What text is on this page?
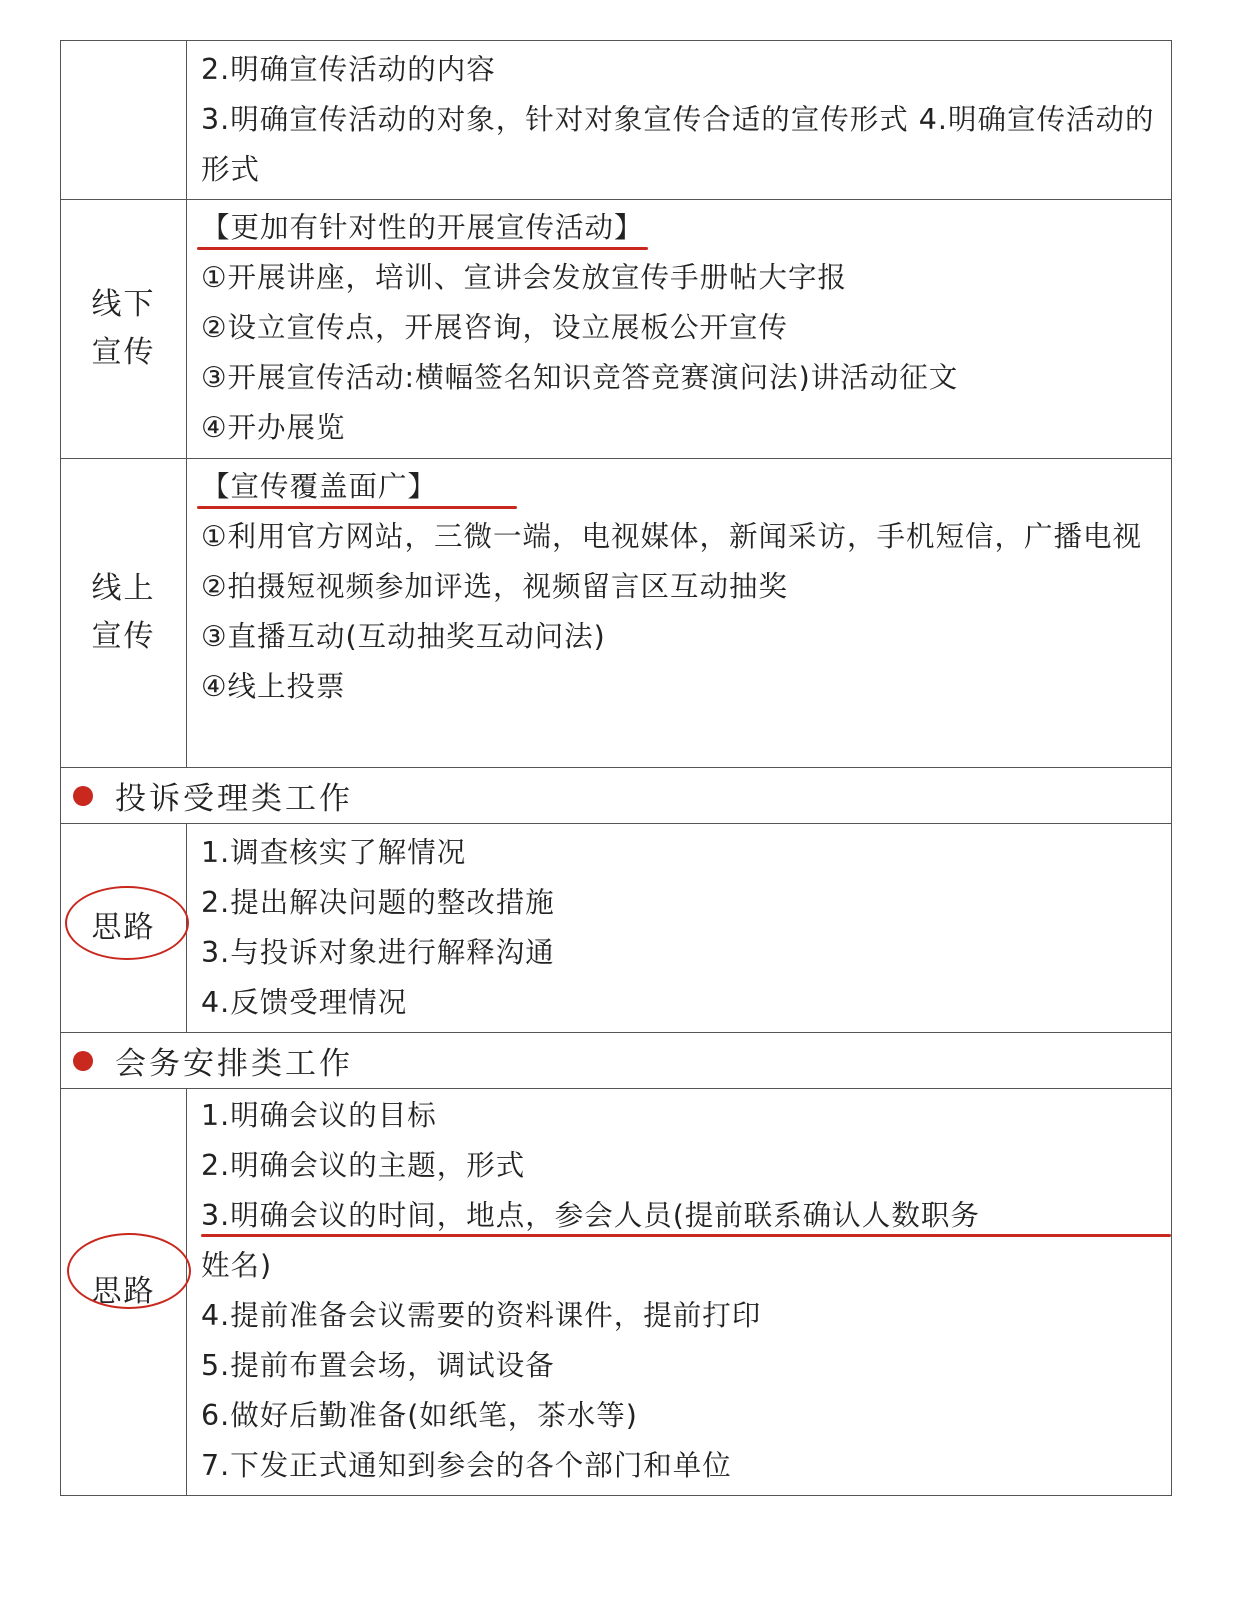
2.明确宣传活动的内容
3.明确宣传活动的对象，针对对象宣传合适的宣传形式 4.明确宣传活动的形式
线下宣传
【更加有针对性的开展宣传活动】
①开展讲座，培训、宣讲会发放宣传手册帖大字报
②设立宣传点，开展咨询，设立展板公开宣传
③开展宣传活动:横幅签名知识竞答竞赛演问法)讲活动征文
④开办展览
线上宣传
【宣传覆盖面广】
①利用官方网站，三微一端，电视媒体，新闻采访，手机短信，广播电视
②拍摄短视频参加评选，视频留言区互动抽奖
③直播互动(互动抽奖互动问法)
④线上投票
投诉受理类工作
思路
1.调查核实了解情况
2.提出解决问题的整改措施
3.与投诉对象进行解释沟通
4.反馈受理情况
会务安排类工作
思路
1.明确会议的目标
2.明确会议的主题，形式
3.明确会议的时间，地点，参会人员(提前联系确认人数职务
姓名)
4.提前准备会议需要的资料课件，提前打印
5.提前布置会场，调试设备
6.做好后勤准备(如纸笔，茶水等)
7.下发正式通知到参会的各个部门和单位
